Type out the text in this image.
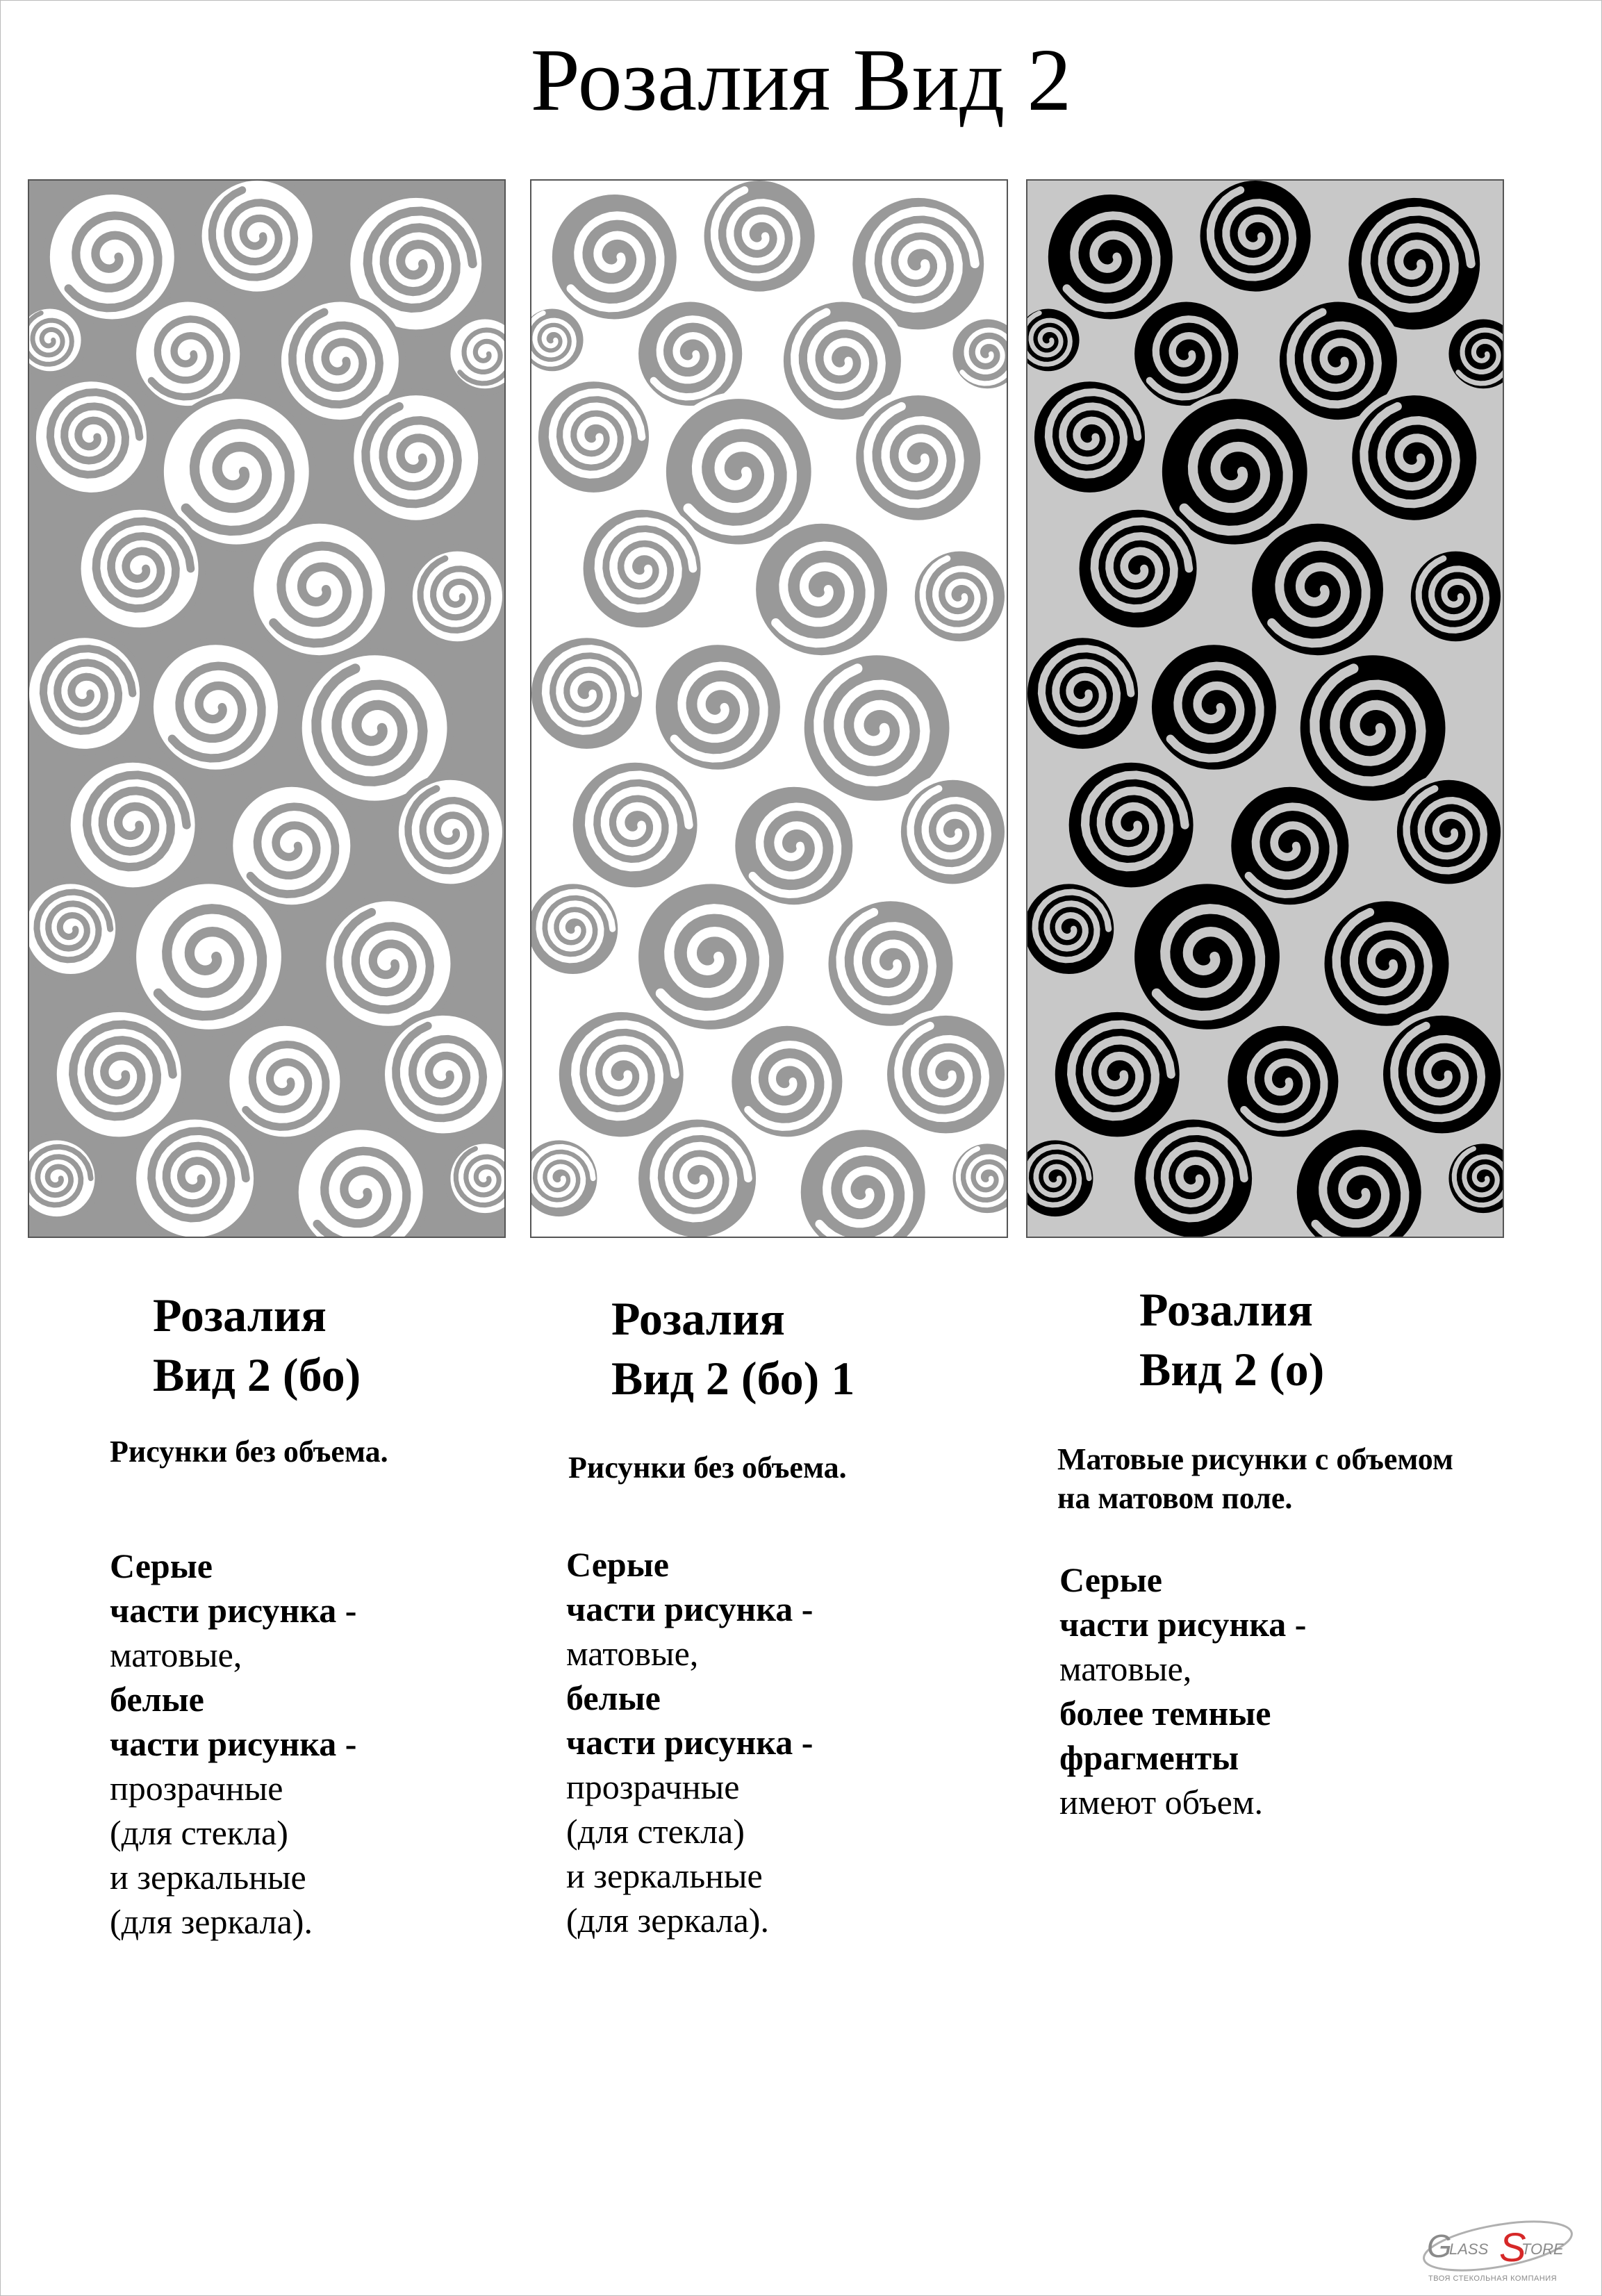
Розалия Вид 2
Розалия
Вид 2 (бо)
Рисунки без объема.
Серые
части рисунка -
матовые,
белые
части рисунка -
прозрачные
(для стекла)
и зеркальные
(для зеркала).
Розалия
Вид 2 (бо) 1
Рисунки без объема.
Серые
части рисунка -
матовые,
белые
части рисунка -
прозрачные
(для стекла)
и зеркальные
(для зеркала).
Розалия
Вид 2 (о)
Матовые рисунки с объемом
на матовом поле.
Серые
части рисунка -
матовые,
более темные
фрагменты
имеют объем.
G
LASS S
TORE
ТВОЯ СТЕКОЛЬНАЯ КОМПАНИЯ
